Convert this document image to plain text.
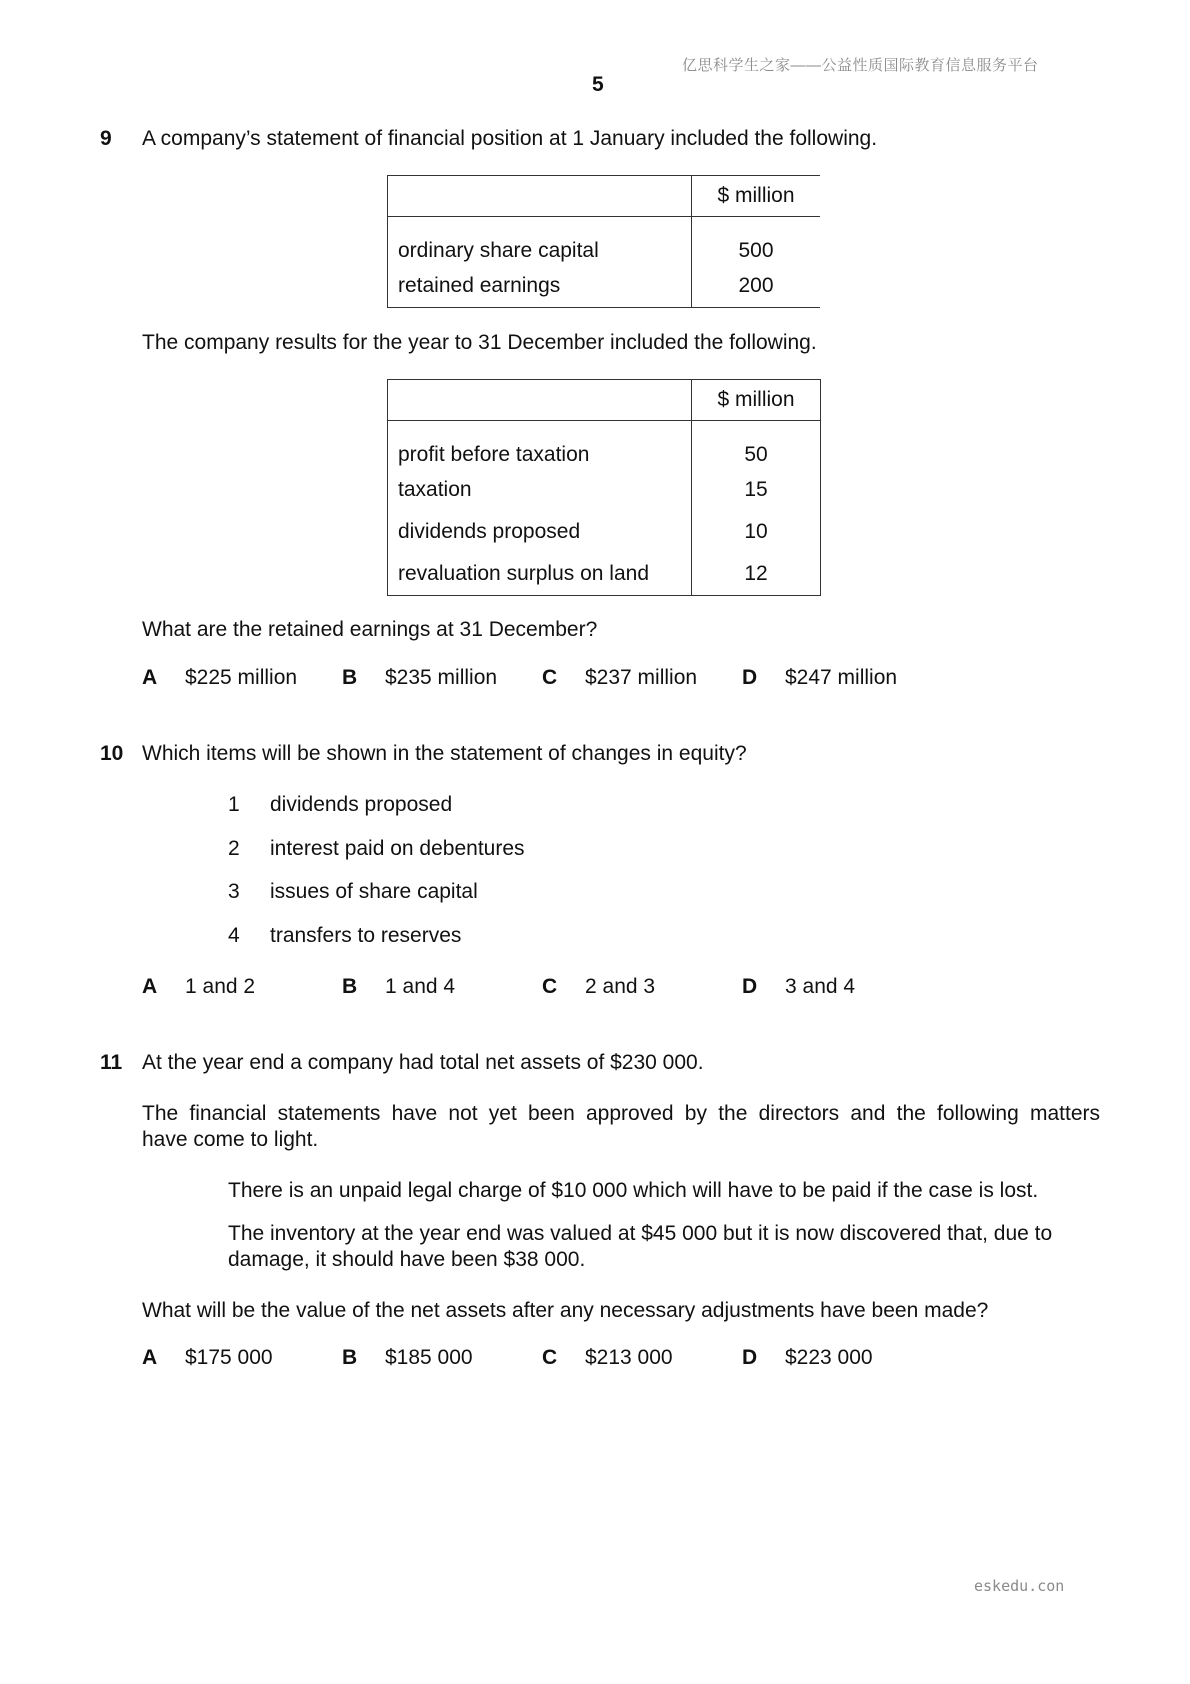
亿思科学生之家——公益性质国际教育信息服务平台
5
9 A company’s statement of financial position at 1 January included the following.
	$ million
ordinary share capital	500
retained earnings	200
The company results for the year to 31 December included the following.
	$ million
profit before taxation	50
taxation	15
dividends proposed	10
revaluation surplus on land	12
What are the retained earnings at 31 December?
A $225 million B $235 million C $237 million D $247 million
10 Which items will be shown in the statement of changes in equity?
1 dividends proposed
2 interest paid on debentures
3 issues of share capital
4 transfers to reserves
A 1 and 2	B 1 and 4	C 2 and 3	D 3 and 4
11 At the year end a company had total net assets of $230 000.
The financial statements have not yet been approved by the directors and the following matters
have come to light.
There is an unpaid legal charge of $10 000 which will have to be paid if the case is lost.
The inventory at the year end was valued at $45 000 but it is now discovered that, due to
damage, it should have been $38 000.
What will be the value of the net assets after any necessary adjustments have been made?
A $175 000	B $185 000	C $213 000	D $223 000
eskedu.con
